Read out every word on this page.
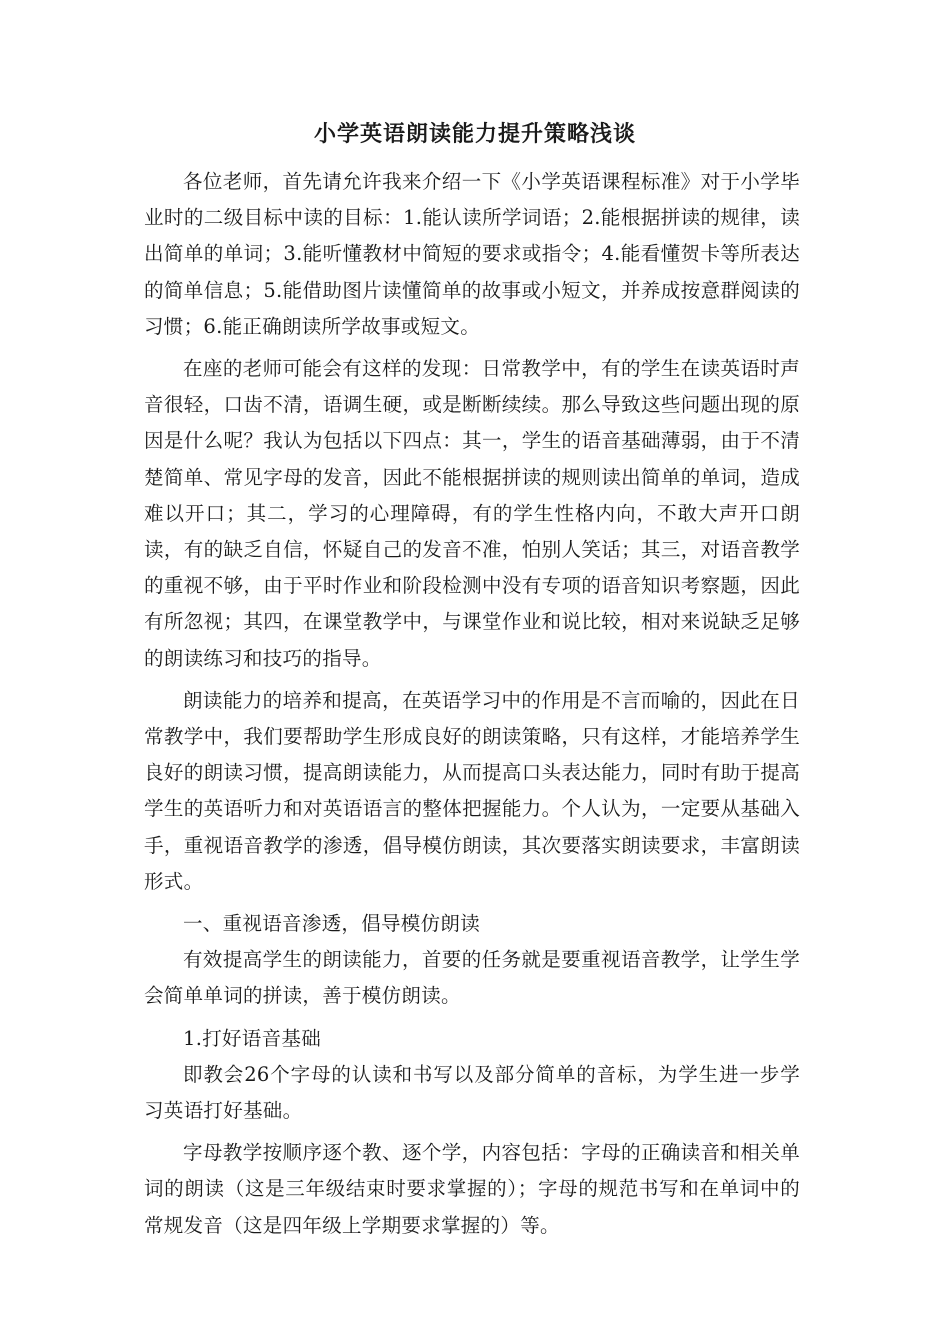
小学英语朗读能力提升策略浅谈

各位老师，首先请允许我来介绍一下《小学英语课程标准》对于小学毕业时的二级目标中读的目标：1.能认读所学词语；2.能根据拼读的规律，读出简单的单词；3.能听懂教材中简短的要求或指令；4.能看懂贺卡等所表达的简单信息；5.能借助图片读懂简单的故事或小短文，并养成按意群阅读的习惯；6.能正确朗读所学故事或短文。

在座的老师可能会有这样的发现：日常教学中，有的学生在读英语时声音很轻，口齿不清，语调生硬，或是断断续续。那么导致这些问题出现的原因是什么呢？我认为包括以下四点：其一，学生的语音基础薄弱，由于不清楚简单、常见字母的发音，因此不能根据拼读的规则读出简单的单词，造成难以开口；其二，学习的心理障碍，有的学生性格内向，不敢大声开口朗读，有的缺乏自信，怀疑自己的发音不准，怕别人笑话；其三，对语音教学的重视不够，由于平时作业和阶段检测中没有专项的语音知识考察题，因此有所忽视；其四，在课堂教学中，与课堂作业和说比较，相对来说缺乏足够的朗读练习和技巧的指导。

朗读能力的培养和提高，在英语学习中的作用是不言而喻的，因此在日常教学中，我们要帮助学生形成良好的朗读策略，只有这样，才能培养学生良好的朗读习惯，提高朗读能力，从而提高口头表达能力，同时有助于提高学生的英语听力和对英语语言的整体把握能力。个人认为，一定要从基础入手，重视语音教学的渗透，倡导模仿朗读，其次要落实朗读要求，丰富朗读形式。

一、重视语音渗透，倡导模仿朗读

有效提高学生的朗读能力，首要的任务就是要重视语音教学，让学生学会简单单词的拼读，善于模仿朗读。

1.打好语音基础

即教会26个字母的认读和书写以及部分简单的音标，为学生进一步学习英语打好基础。

字母教学按顺序逐个教、逐个学，内容包括：字母的正确读音和相关单词的朗读（这是三年级结束时要求掌握的）；字母的规范书写和在单词中的常规发音（这是四年级上学期要求掌握的）等。
